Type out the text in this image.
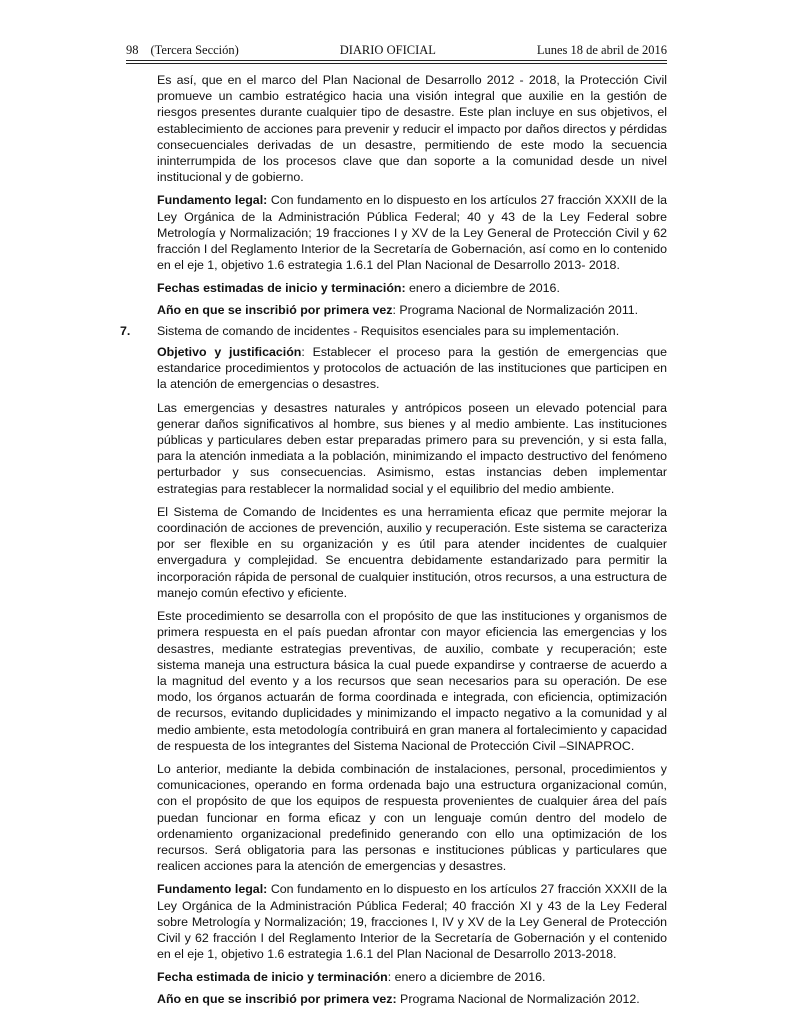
98 (Tercera Sección)	DIARIO OFICIAL	Lunes 18 de abril de 2016

Es así, que en el marco del Plan Nacional de Desarrollo 2012 - 2018, la Protección Civil promueve un cambio estratégico hacia una visión integral que auxilie en la gestión de riesgos presentes durante cualquier tipo de desastre. Este plan incluye en sus objetivos, el establecimiento de acciones para prevenir y reducir el impacto por daños directos y pérdidas consecuenciales derivadas de un desastre, permitiendo de este modo la secuencia ininterrumpida de los procesos clave que dan soporte a la comunidad desde un nivel institucional y de gobierno.

Fundamento legal: Con fundamento en lo dispuesto en los artículos 27 fracción XXXII de la Ley Orgánica de la Administración Pública Federal; 40 y 43 de la Ley Federal sobre Metrología y Normalización; 19 fracciones I y XV de la Ley General de Protección Civil y 62 fracción I del Reglamento Interior de la Secretaría de Gobernación, así como en lo contenido en el eje 1, objetivo 1.6 estrategia 1.6.1 del Plan Nacional de Desarrollo 2013- 2018.

Fechas estimadas de inicio y terminación: enero a diciembre de 2016.

Año en que se inscribió por primera vez: Programa Nacional de Normalización 2011.

7. Sistema de comando de incidentes - Requisitos esenciales para su implementación.

Objetivo y justificación: Establecer el proceso para la gestión de emergencias que estandarice procedimientos y protocolos de actuación de las instituciones que participen en la atención de emergencias o desastres.

Las emergencias y desastres naturales y antrópicos poseen un elevado potencial para generar daños significativos al hombre, sus bienes y al medio ambiente. Las instituciones públicas y particulares deben estar preparadas primero para su prevención, y si esta falla, para la atención inmediata a la población, minimizando el impacto destructivo del fenómeno perturbador y sus consecuencias. Asimismo, estas instancias deben implementar estrategias para restablecer la normalidad social y el equilibrio del medio ambiente.

El Sistema de Comando de Incidentes es una herramienta eficaz que permite mejorar la coordinación de acciones de prevención, auxilio y recuperación. Este sistema se caracteriza por ser flexible en su organización y es útil para atender incidentes de cualquier envergadura y complejidad. Se encuentra debidamente estandarizado para permitir la incorporación rápida de personal de cualquier institución, otros recursos, a una estructura de manejo común efectivo y eficiente.

Este procedimiento se desarrolla con el propósito de que las instituciones y organismos de primera respuesta en el país puedan afrontar con mayor eficiencia las emergencias y los desastres, mediante estrategias preventivas, de auxilio, combate y recuperación; este sistema maneja una estructura básica la cual puede expandirse y contraerse de acuerdo a la magnitud del evento y a los recursos que sean necesarios para su operación. De ese modo, los órganos actuarán de forma coordinada e integrada, con eficiencia, optimización de recursos, evitando duplicidades y minimizando el impacto negativo a la comunidad y al medio ambiente, esta metodología contribuirá en gran manera al fortalecimiento y capacidad de respuesta de los integrantes del Sistema Nacional de Protección Civil –SINAPROC.

Lo anterior, mediante la debida combinación de instalaciones, personal, procedimientos y comunicaciones, operando en forma ordenada bajo una estructura organizacional común, con el propósito de que los equipos de respuesta provenientes de cualquier área del país puedan funcionar en forma eficaz y con un lenguaje común dentro del modelo de ordenamiento organizacional predefinido generando con ello una optimización de los recursos. Será obligatoria para las personas e instituciones públicas y particulares que realicen acciones para la atención de emergencias y desastres.

Fundamento legal: Con fundamento en lo dispuesto en los artículos 27 fracción XXXII de la Ley Orgánica de la Administración Pública Federal; 40 fracción XI y 43 de la Ley Federal sobre Metrología y Normalización; 19, fracciones I, IV y XV de la Ley General de Protección Civil y 62 fracción I del Reglamento Interior de la Secretaría de Gobernación y el contenido en el eje 1, objetivo 1.6 estrategia 1.6.1 del Plan Nacional de Desarrollo 2013-2018.

Fecha estimada de inicio y terminación: enero a diciembre de 2016.

Año en que se inscribió por primera vez: Programa Nacional de Normalización 2012.
